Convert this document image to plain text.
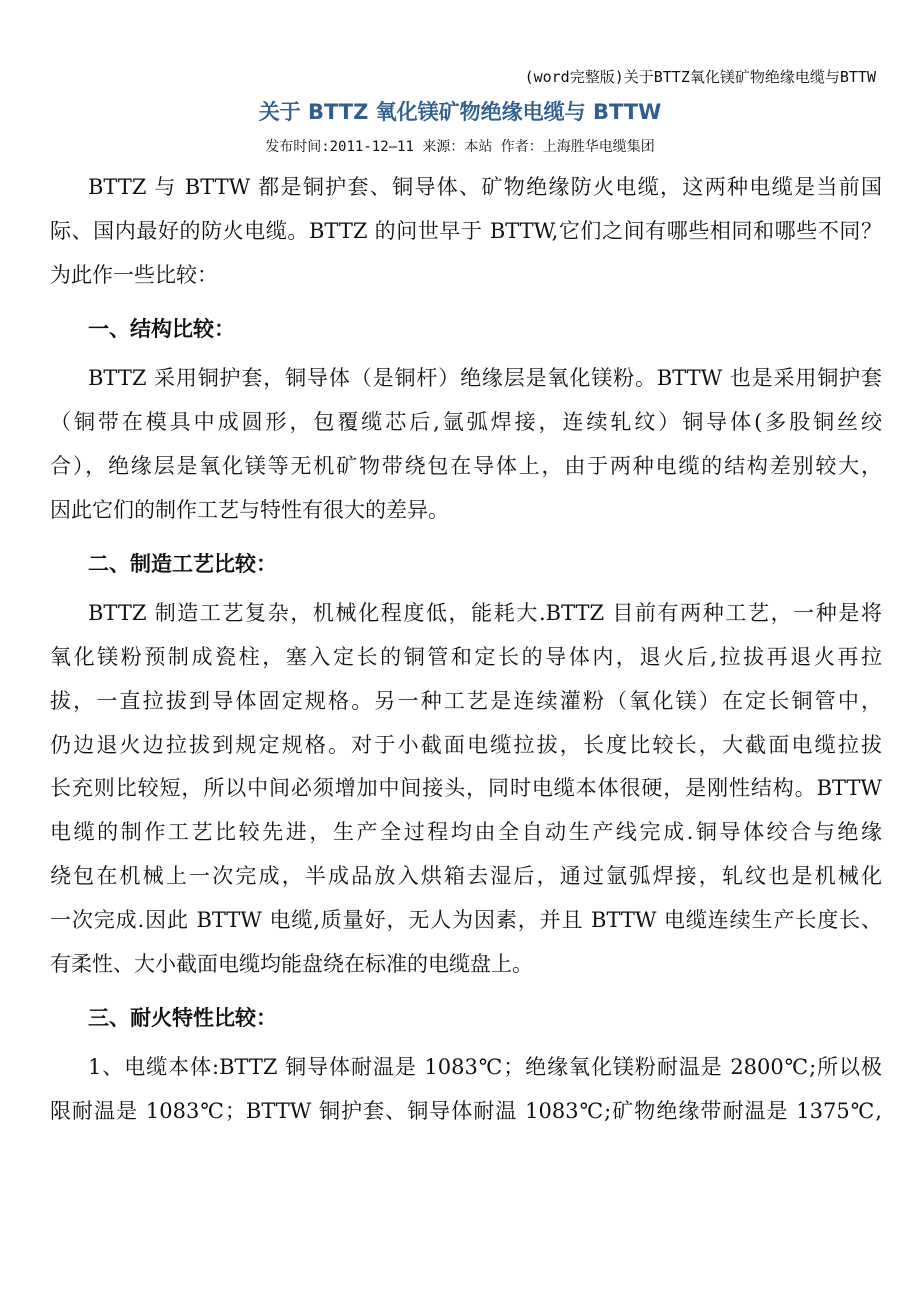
(word完整版)关于BTTZ氧化镁矿物绝缘电缆与BTTW
关于 BTTZ 氧化镁矿物绝缘电缆与 BTTW
发布时间:2011-12—11 来源：本站 作者：上海胜华电缆集团
BTTZ 与 BTTW 都是铜护套、铜导体、矿物绝缘防火电缆，这两种电缆是当前国
际、国内最好的防火电缆。BTTZ 的问世早于 BTTW,它们之间有哪些相同和哪些不同？
为此作一些比较：
一、结构比较：
BTTZ 采用铜护套，铜导体（是铜杆）绝缘层是氧化镁粉。BTTW 也是采用铜护套
（铜带在模具中成圆形，包覆缆芯后,氩弧焊接，连续轧纹）铜导体(多股铜丝绞
合），绝缘层是氧化镁等无机矿物带绕包在导体上，由于两种电缆的结构差别较大，
因此它们的制作工艺与特性有很大的差异。
二、制造工艺比较：
BTTZ 制造工艺复杂，机械化程度低，能耗大.BTTZ 目前有两种工艺，一种是将
氧化镁粉预制成瓷柱，塞入定长的铜管和定长的导体内，退火后,拉拔再退火再拉
拔，一直拉拔到导体固定规格。另一种工艺是连续灌粉（氧化镁）在定长铜管中，
仍边退火边拉拔到规定规格。对于小截面电缆拉拔，长度比较长，大截面电缆拉拔
长充则比较短，所以中间必须增加中间接头，同时电缆本体很硬，是刚性结构。BTTW
电缆的制作工艺比较先进，生产全过程均由全自动生产线完成.铜导体绞合与绝缘
绕包在机械上一次完成，半成品放入烘箱去湿后，通过氩弧焊接，轧纹也是机械化
一次完成.因此 BTTW 电缆,质量好，无人为因素，并且 BTTW 电缆连续生产长度长、
有柔性、大小截面电缆均能盘绕在标准的电缆盘上。
三、耐火特性比较：
1、电缆本体:BTTZ 铜导体耐温是 1083℃；绝缘氧化镁粉耐温是 2800℃;所以极
限耐温是 1083℃；BTTW 铜护套、铜导体耐温 1083℃;矿物绝缘带耐温是 1375℃,
